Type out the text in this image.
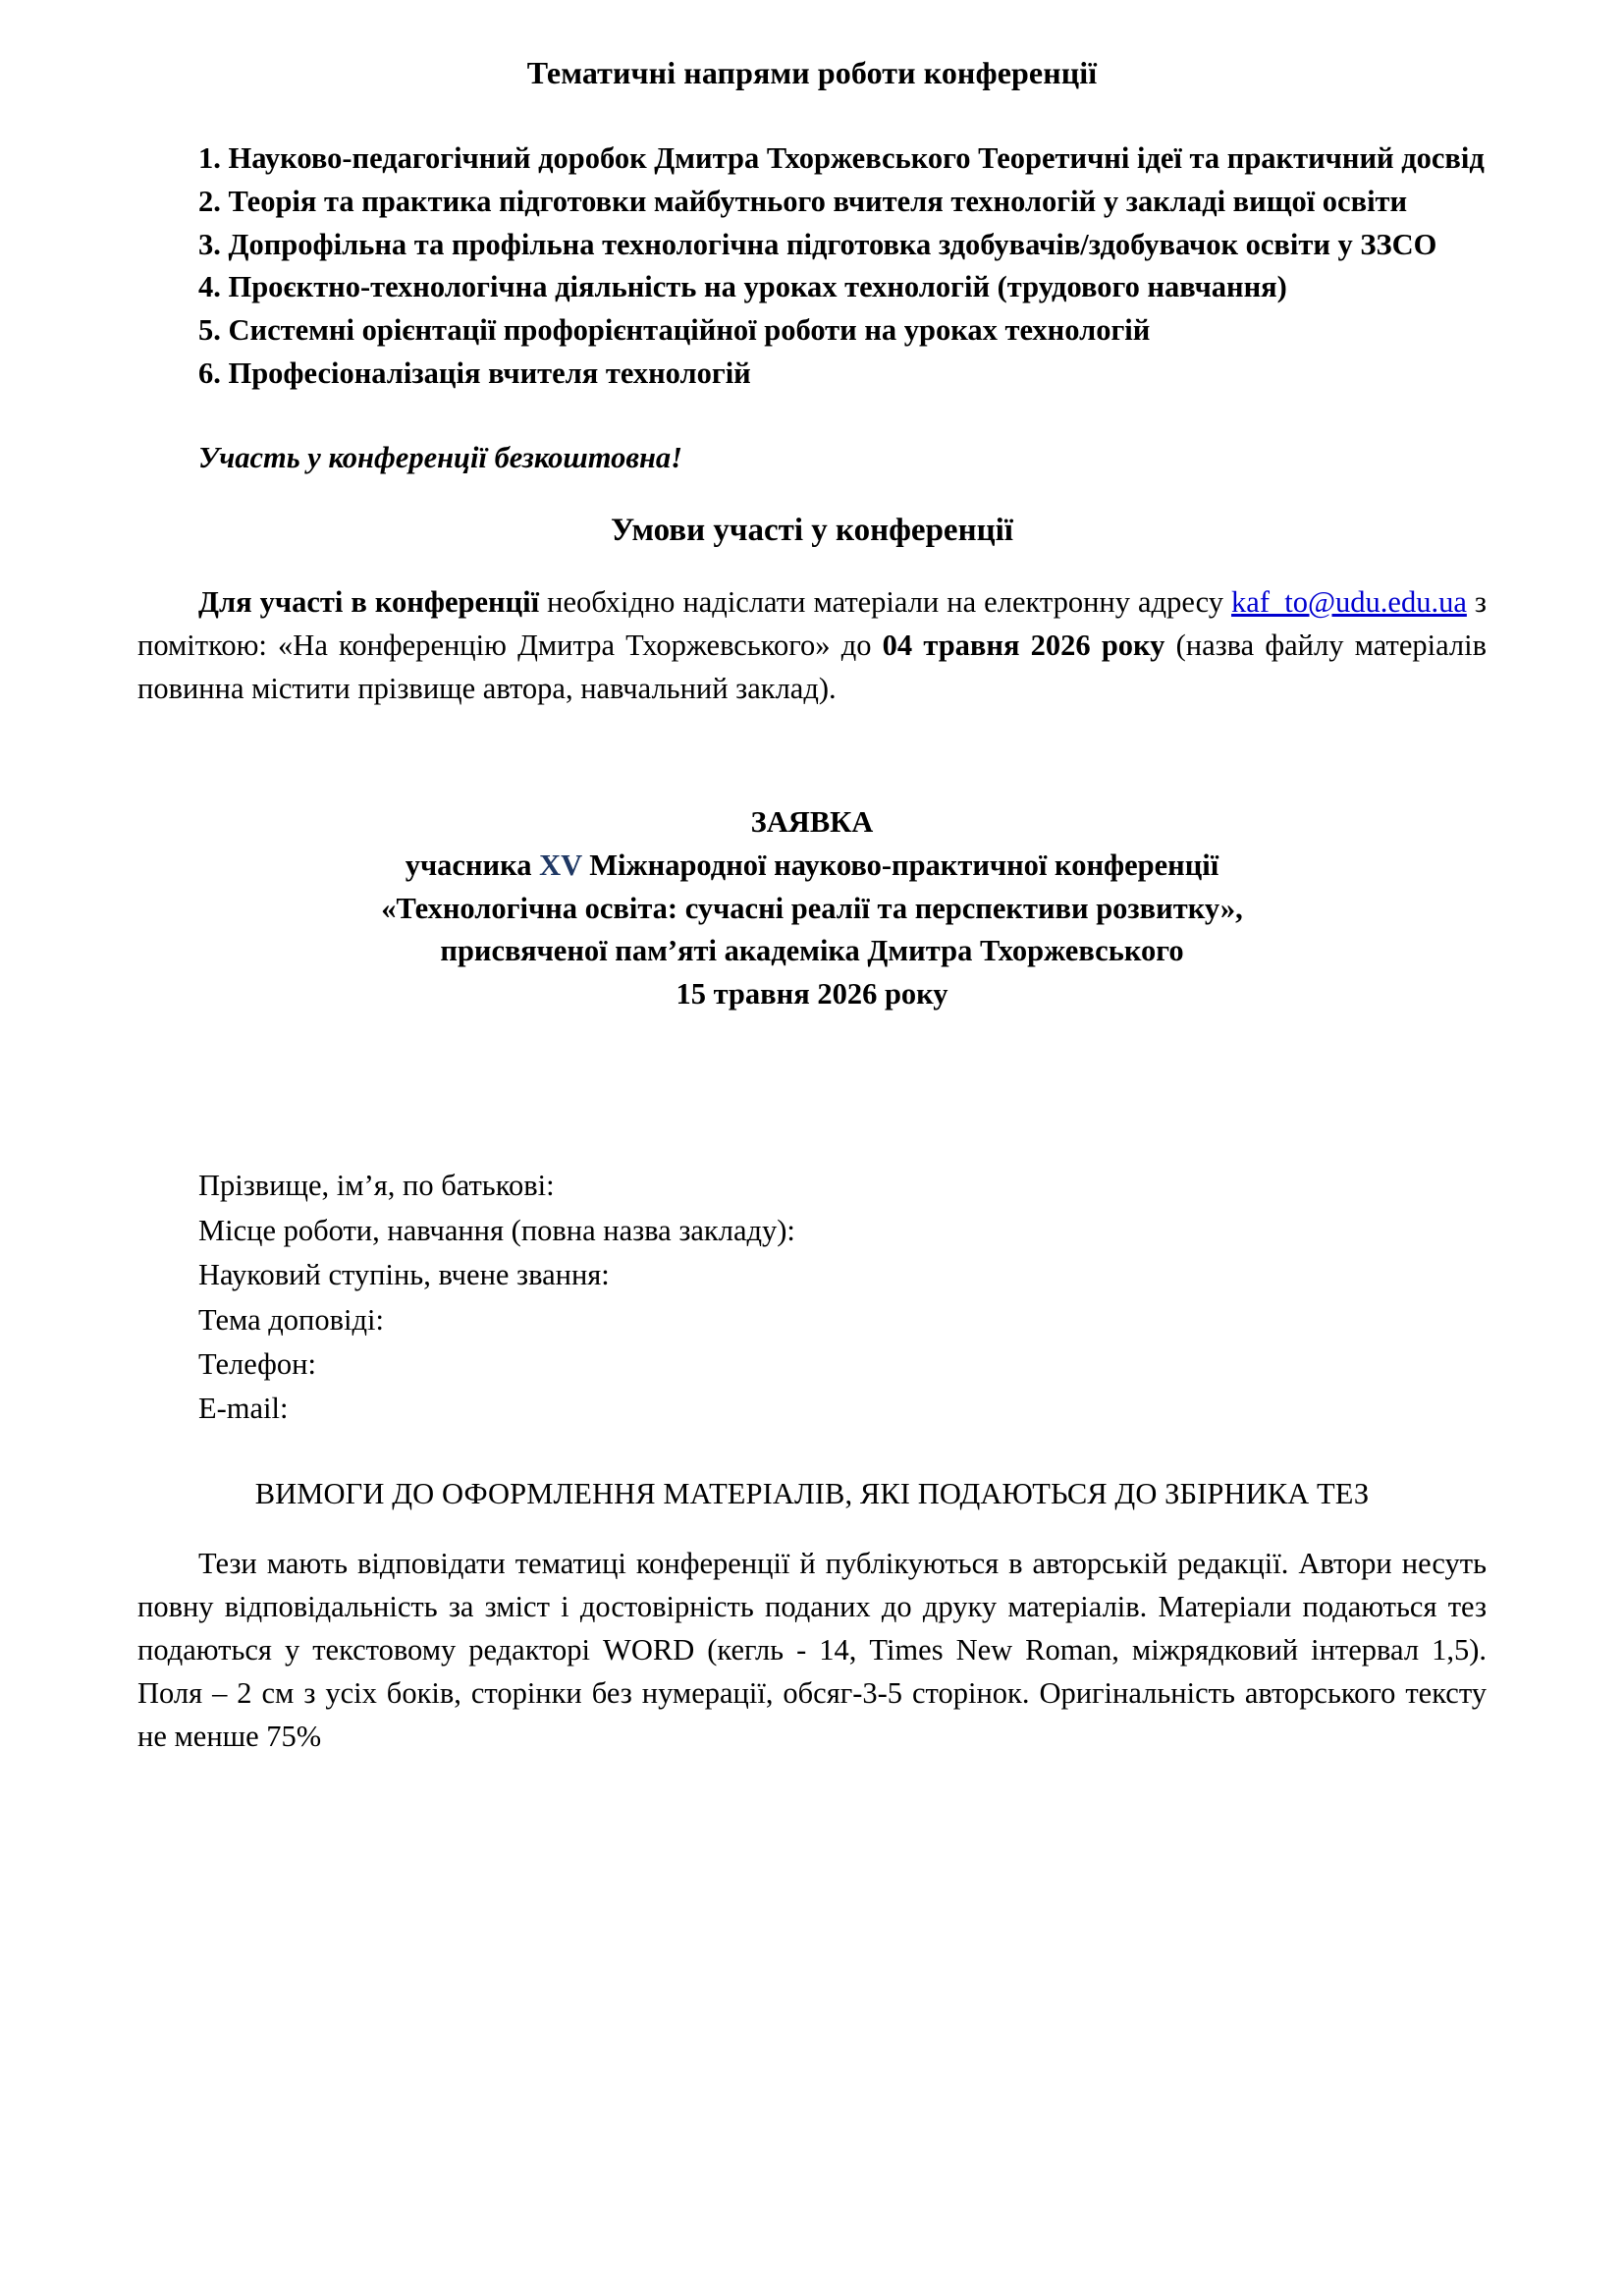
Тематичні напрями роботи конференції

1. Науково-педагогічний доробок Дмитра Тхоржевського Теоретичні ідеї та практичний досвід

2. Теорія та практика підготовки майбутнього вчителя технологій у закладі вищої освіти

3. Допрофільна та профільна технологічна підготовка здобувачів/здобувачок освіти у ЗЗСО

4. Проєктно-технологічна діяльність на уроках технологій (трудового навчання)

5. Системні орієнтації профорієнтаційної роботи на уроках технологій

6. Професіоналізація вчителя технологій

Участь у конференції безкоштовна!

Умови участі у конференції

Для участі в конференції необхідно надіслати матеріали на електронну адресу kaf_to@udu.edu.ua з поміткою: «На конференцію Дмитра Тхоржевського» до 04 травня 2026 року (назва файлу матеріалів повинна містити прізвище автора, навчальний заклад).

ЗАЯВКА

учасника XV Міжнародної науково-практичної конференції

«Технологічна освіта: сучасні реалії та перспективи розвитку»,

присвяченої пам’яті академіка Дмитра Тхоржевського

15 травня 2026 року

Прізвище, ім’я, по батькові:
Місце роботи, навчання (повна назва закладу):
Науковий ступінь, вчене звання:
Тема доповіді:
Телефон:
E-mail:

ВИМОГИ ДО ОФОРМЛЕННЯ МАТЕРІАЛІВ, ЯКІ ПОДАЮТЬСЯ ДО ЗБІРНИКА ТЕЗ

Тези мають відповідати тематиці конференції й публікуються в авторській редакції. Автори несуть повну відповідальність за зміст і достовірність поданих до друку матеріалів. Матеріали подаються тез подаються у текстовому редакторі WORD (кегль - 14, Times New Roman, міжрядковий інтервал 1,5). Поля – 2 см з усіх боків, сторінки без нумерації, обсяг-3-5 сторінок. Оригінальність авторського тексту не менше 75%
